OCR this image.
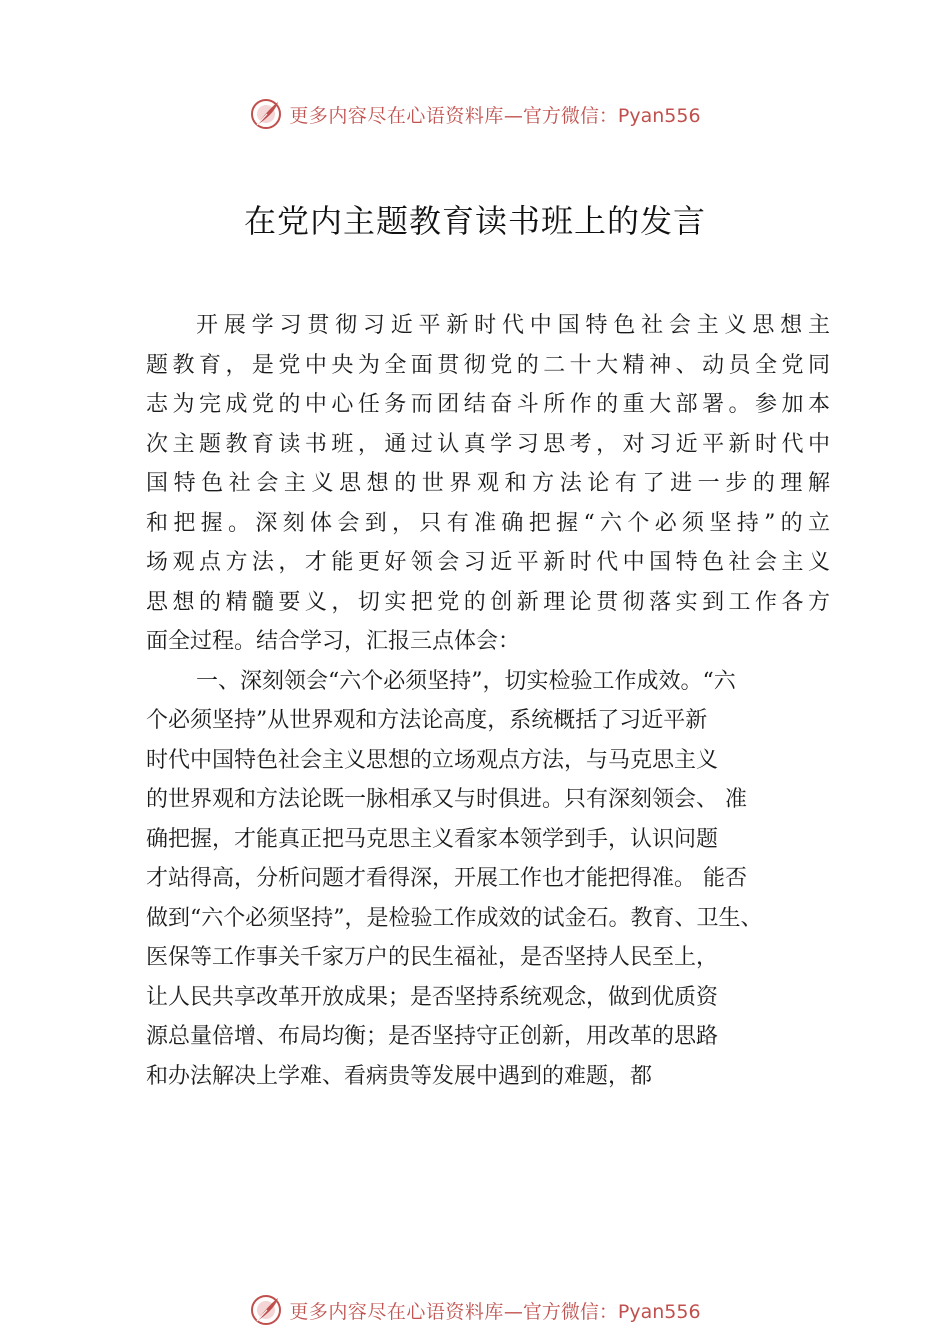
更多内容尽在心语资料库 —官方微信：Pyan556
在党内主题教育读书班上的发言
开展学习贯彻习近平新时代中国特色社会主义思想主
题教育，是党中央为全面贯彻党的二十大精神、动员全党同
志为完成党的中心任务而团结奋斗所作的重大部署。参加本
次主题教育读书班，通过认真学习思考，对习近平新时代中
国特色社会主义思想的世界观和方法论有了进一步的理解
和把握。深刻体会到，只有准确把握“六个必须坚持”的立
场观点方法，才能更好领会习近平新时代中国特色社会主义
思想的精髓要义，切实把党的创新理论贯彻落实到工作各方
面全过程。结合学习，汇报三点体会：
一、深刻领会“六个必须坚持”，切实检验工作成效。“六
个必须坚持”从世界观和方法论高度，系统概括了习近平新
时代中国特色社会主义思想的立场观点方法，与马克思主义
的世界观和方法论既一脉相承又与时俱进。只有深刻领会、 准
确把握，才能真正把马克思主义看家本领学到手，认识问题
才站得高，分析问题才看得深，开展工作也才能把得准。 能否
做到“六个必须坚持”，是检验工作成效的试金石。教育、卫生、
医保等工作事关千家万户的民生福祉，是否坚持人民至上，
让人民共享改革开放成果；是否坚持系统观念，做到优质资
源总量倍增、布局均衡；是否坚持守正创新，用改革的思路
和办法解决上学难、看病贵等发展中遇到的难题，都
更多内容尽在心语资料库 —官方微信：Pyan556
